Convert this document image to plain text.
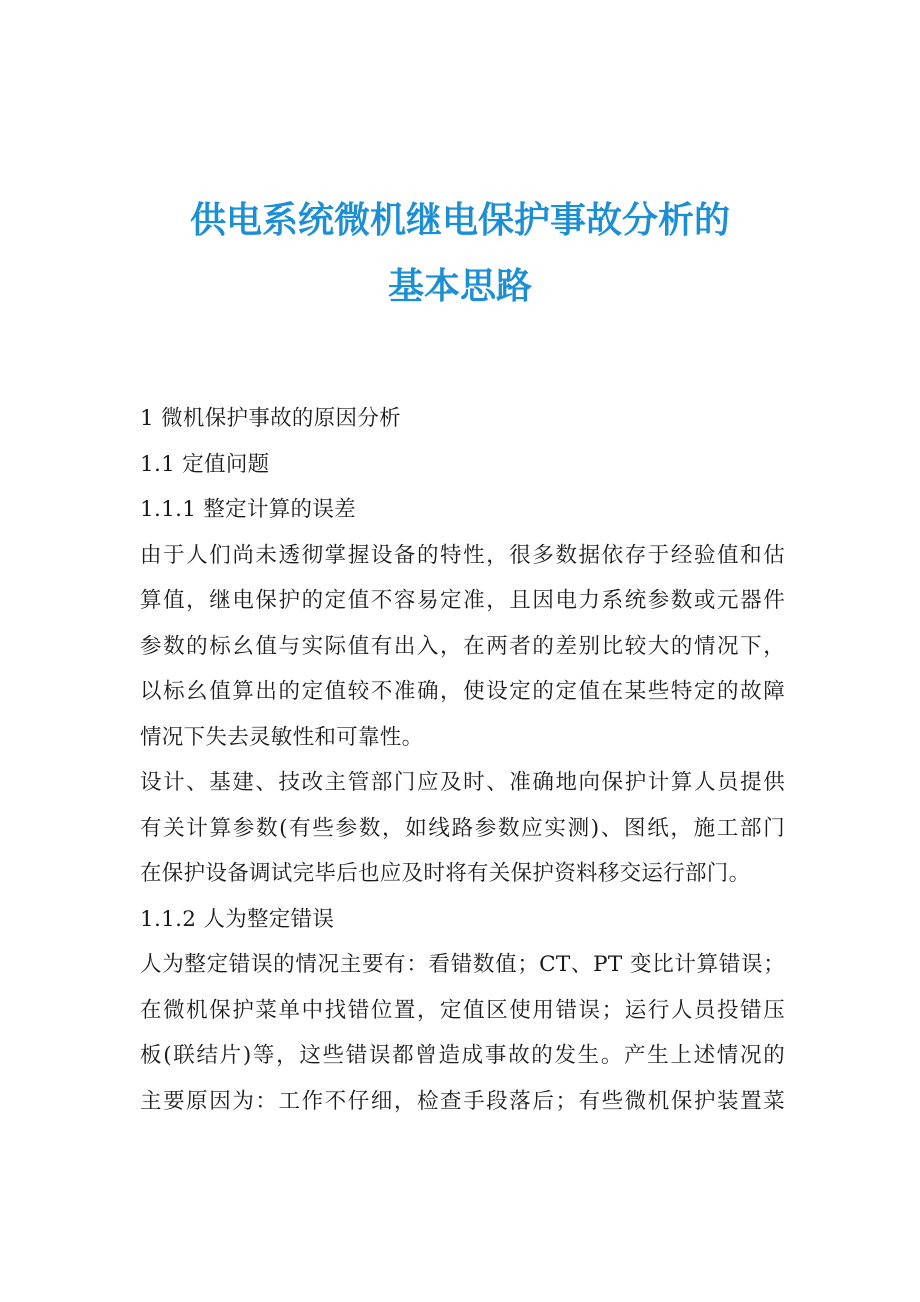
供电系统微机继电保护事故分析的
基本思路
1 微机保护事故的原因分析
1.1 定值问题
1.1.1 整定计算的误差
由于人们尚未透彻掌握设备的特性，很多数据依存于经验值和估
算值，继电保护的定值不容易定准，且因电力系统参数或元器件
参数的标幺值与实际值有出入，在两者的差别比较大的情况下，
以标幺值算出的定值较不准确，使设定的定值在某些特定的故障
情况下失去灵敏性和可靠性。
设计、基建、技改主管部门应及时、准确地向保护计算人员提供
有关计算参数(有些参数，如线路参数应实测)、图纸，施工部门
在保护设备调试完毕后也应及时将有关保护资料移交运行部门。
1.1.2 人为整定错误
人为整定错误的情况主要有：看错数值；CT、PT 变比计算错误；
在微机保护菜单中找错位置，定值区使用错误；运行人员投错压
板(联结片)等，这些错误都曾造成事故的发生。产生上述情况的
主要原因为：工作不仔细，检查手段落后；有些微机保护装置菜
